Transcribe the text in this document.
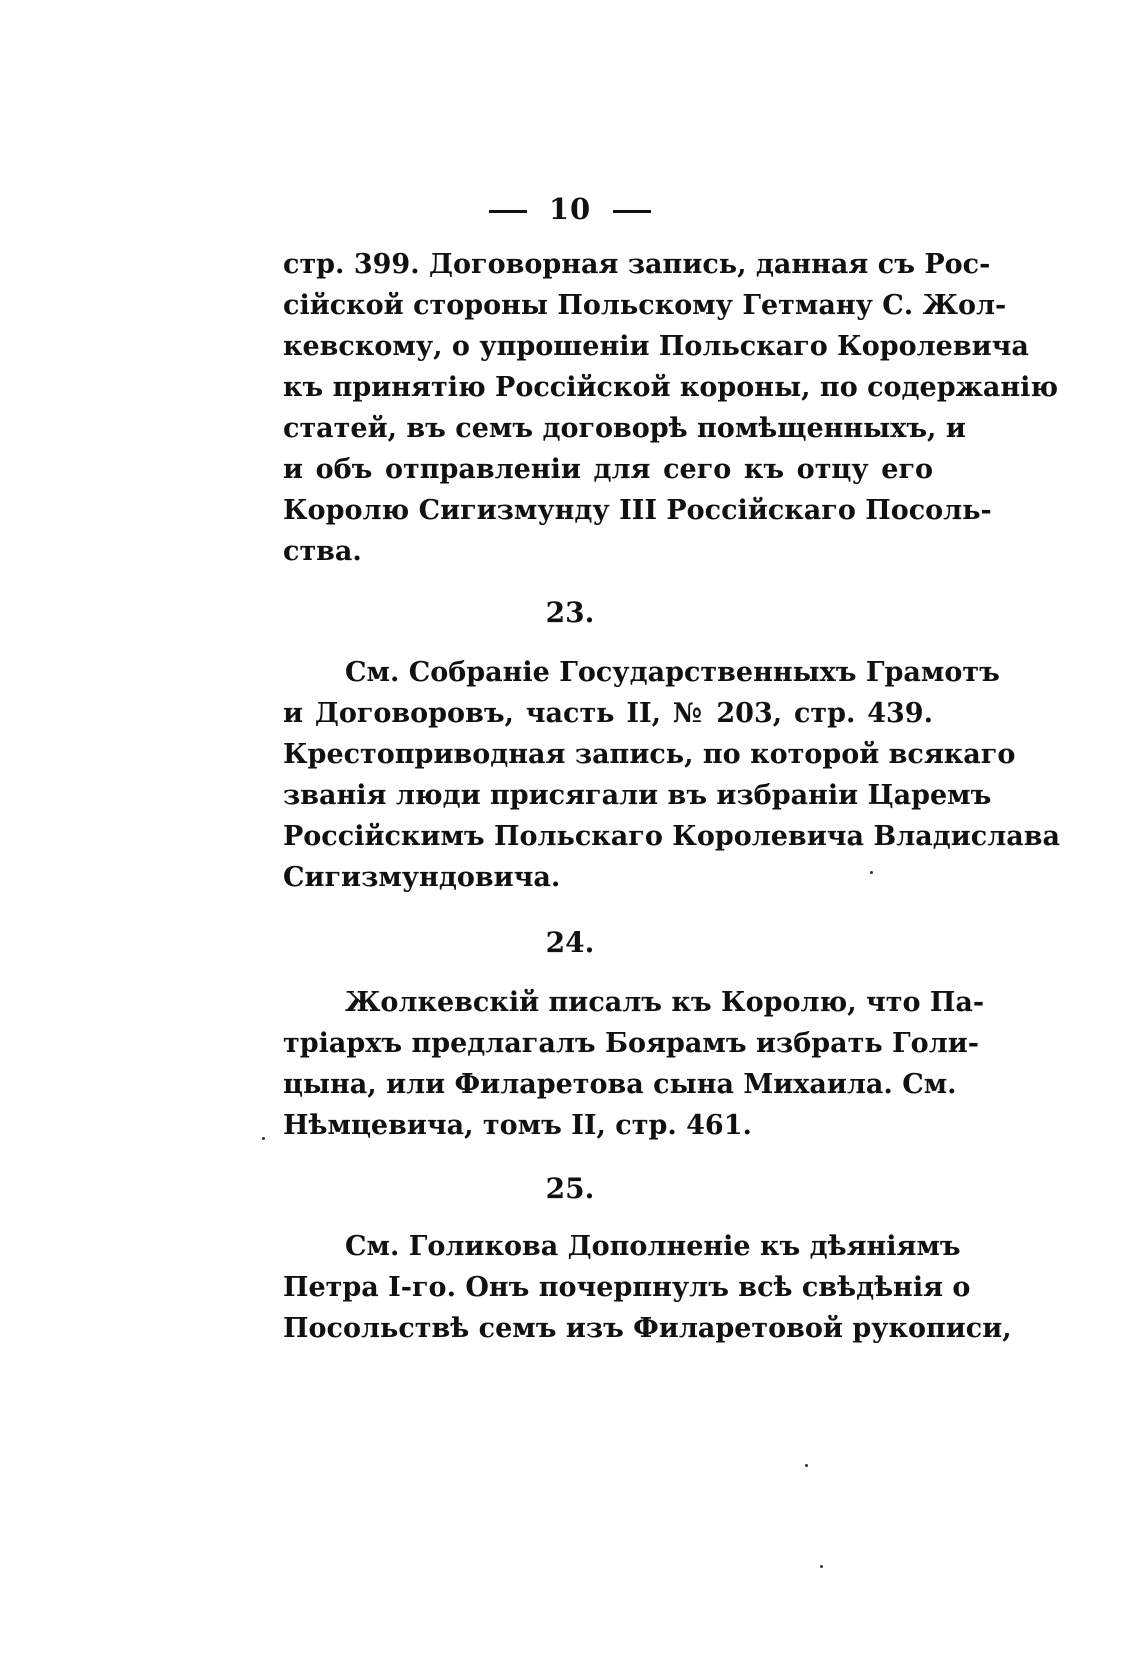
10
стр. 399. Договорная запись, данная съ Рос-
сійской стороны Польскому Гетману С. Жол-
кевскому, о упрошеніи Польскаго Королевича
къ принятію Россійской короны, по содержанію
статей, въ семъ договорѣ помѣщенныхъ, и
и объ отправленіи для сего къ отцу его
Королю Сигизмунду III Россійскаго Посоль-
ства.
23.
См. Собраніе Государственныхъ Грамотъ
и Договоровъ, часть II, № 203, стр. 439.
Крестоприводная запись, по которой всякаго
званія люди присягали въ избраніи Царемъ
Россійскимъ Польскаго Королевича Владислава
Сигизмундовича.
24.
Жолкевскій писалъ къ Королю, что Па-
тріархъ предлагалъ Боярамъ избрать Голи-
цына, или Филаретова сына Михаила. См.
Нѣмцевича, томъ II, стр. 461.
25.
См. Голикова Дополненіе къ дѣяніямъ
Петра І-го. Онъ почерпнулъ всѣ свѣдѣнія о
Посольствѣ семъ изъ Филаретовой рукописи,
